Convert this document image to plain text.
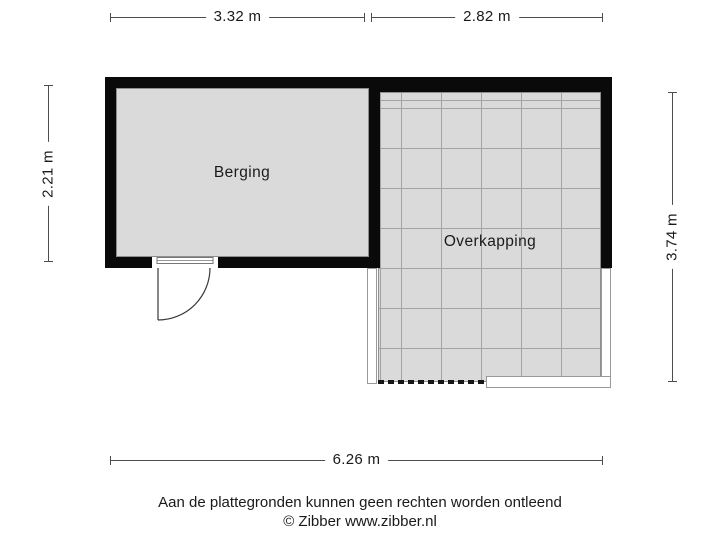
3.32 m	2.82 m
2.21 m
3.74 m
6.26 m
Berging
Overkapping
Aan de plattegronden kunnen geen rechten worden ontleend
© Zibber www.zibber.nl
